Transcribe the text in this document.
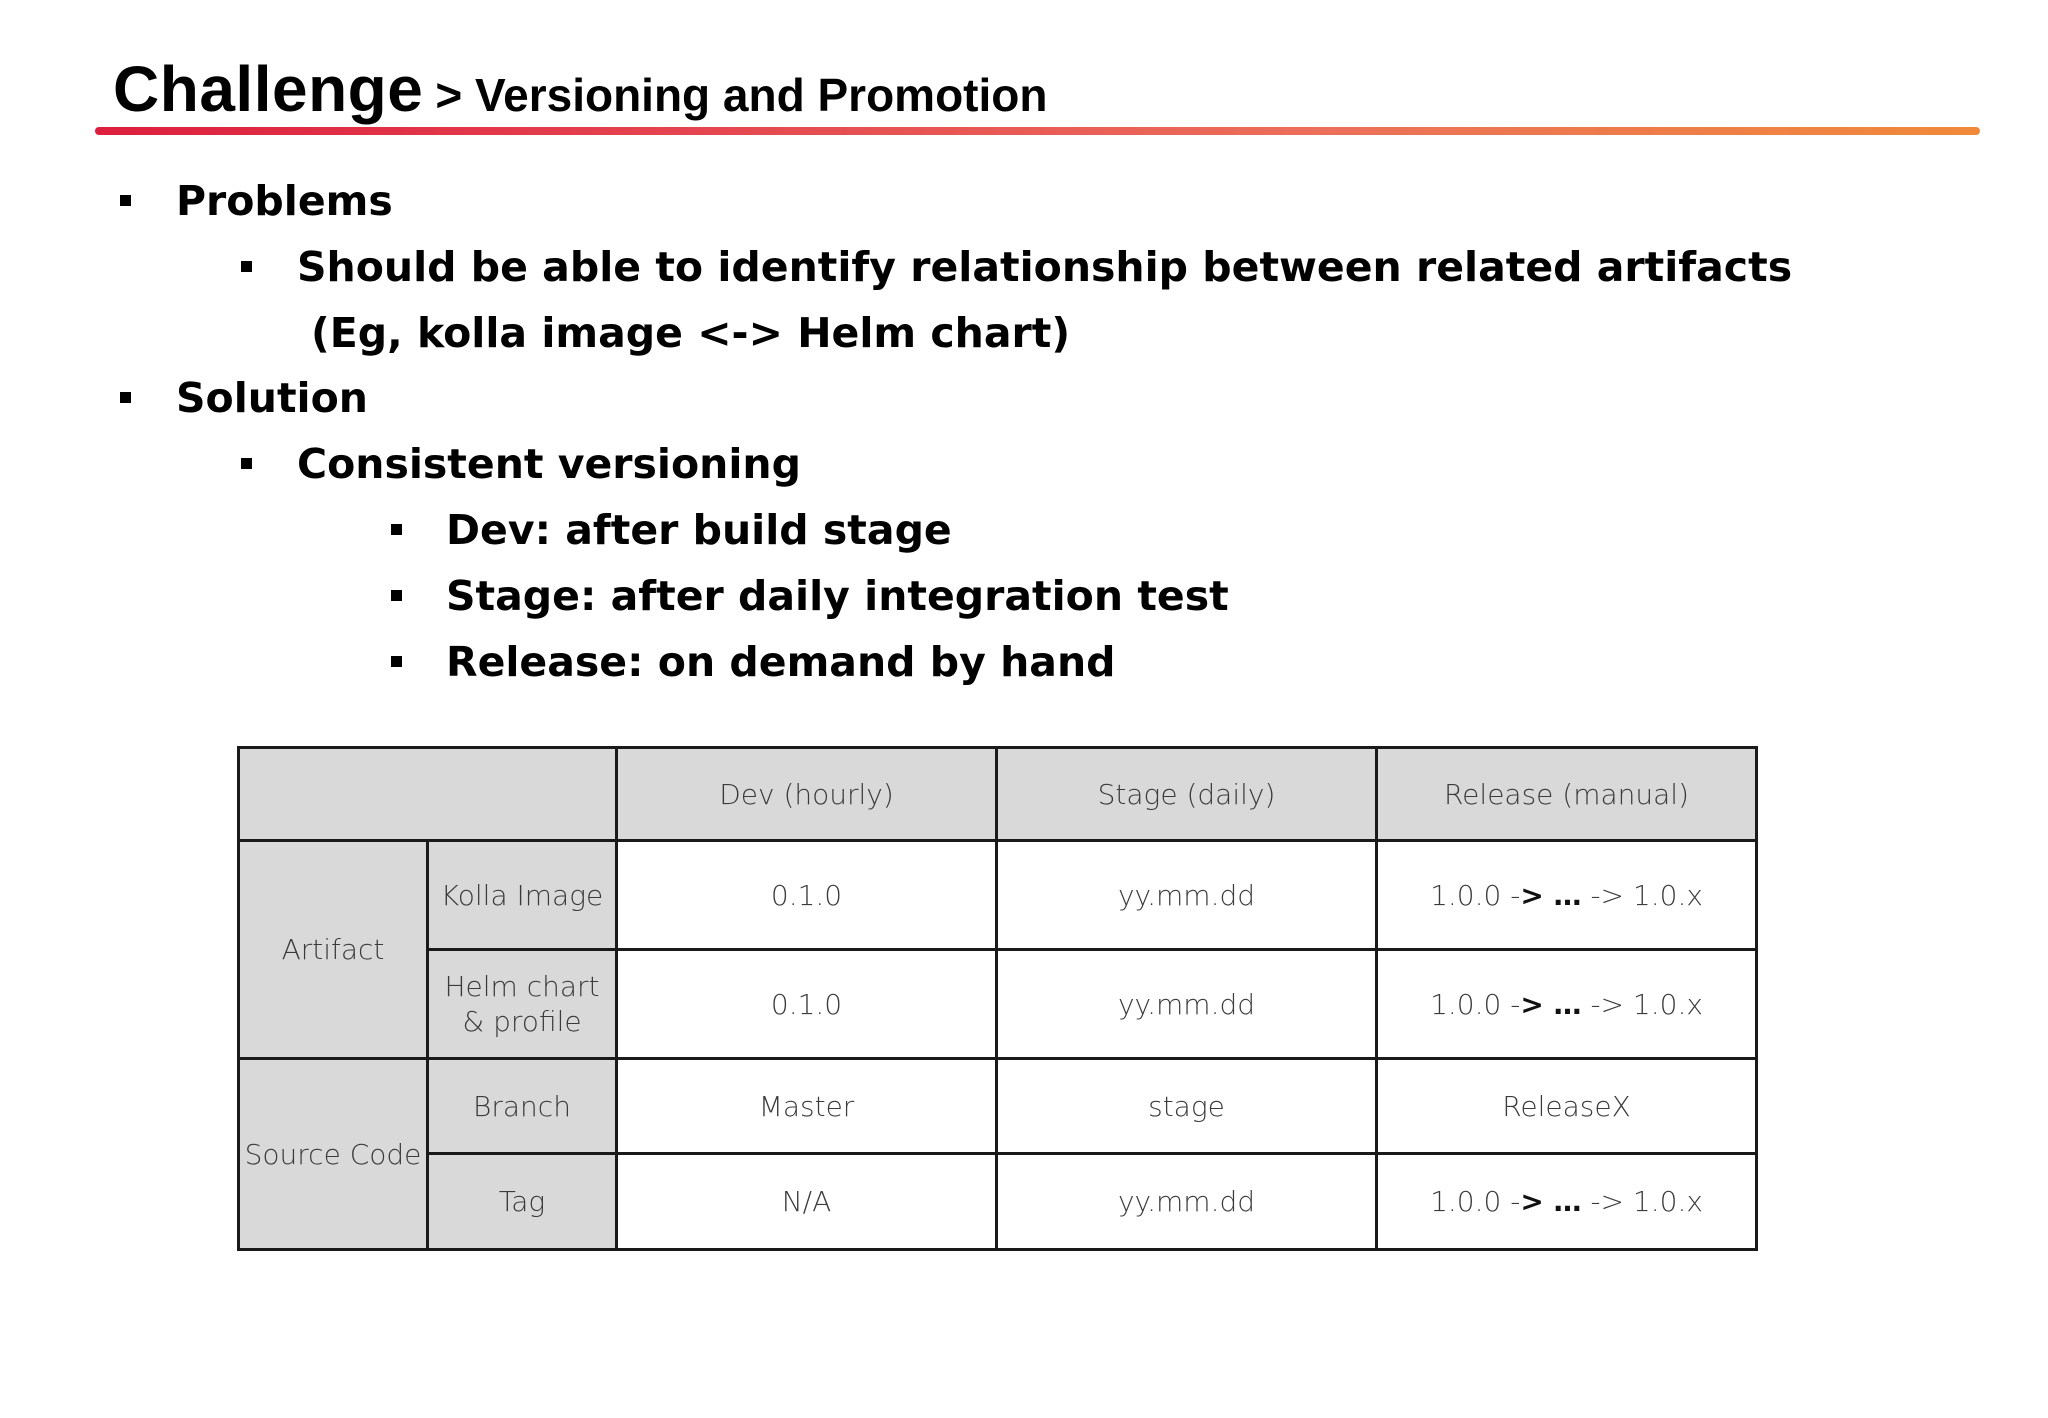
Challenge > Versioning and Promotion
Problems
Should be able to identify relationship between related artifacts
(Eg, kolla image <-> Helm chart)
Solution
Consistent versioning
Dev: after build stage
Stage: after daily integration test
Release: on demand by hand
		Dev (hourly)	Stage (daily)	Release (manual)
Artifact	Kolla Image	0.1.0	yy.mm.dd	1.0.0 -> … -> 1.0.x
	Helm chart & profile	0.1.0	yy.mm.dd	1.0.0 -> … -> 1.0.x
Source Code	Branch	Master	stage	ReleaseX
	Tag	N/A	yy.mm.dd	1.0.0 -> … -> 1.0.x
